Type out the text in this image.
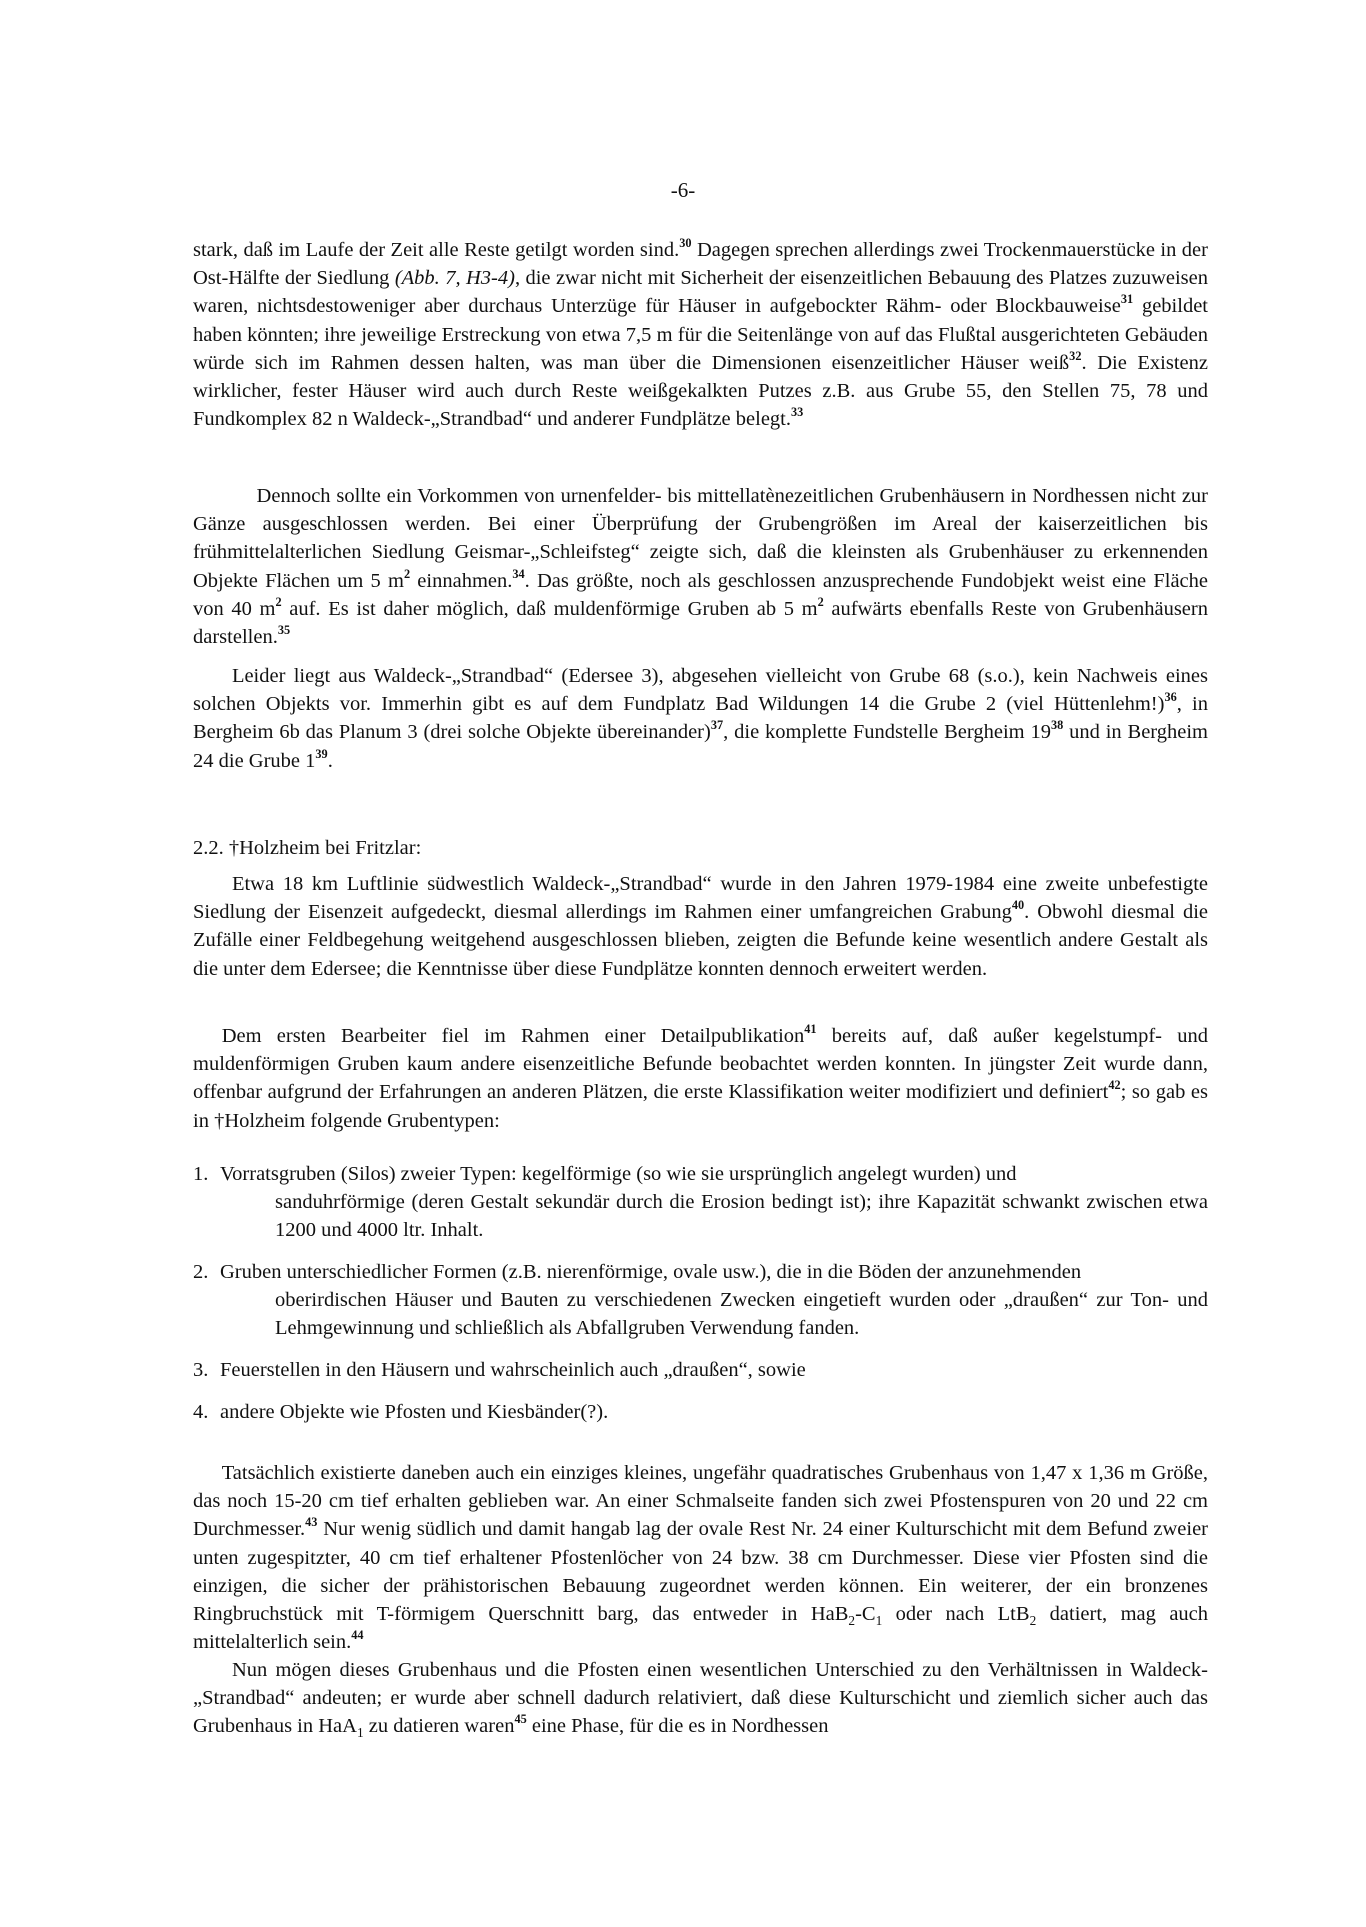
-6-

stark, daß im Laufe der Zeit alle Reste getilgt worden sind.$^{30}$ Dagegen sprechen allerdings zwei Trockenmauerstücke in der Ost-Hälfte der Siedlung (Abb. 7, H3-4), die zwar nicht mit Sicherheit der eisenzeitlichen Bebauung des Platzes zuzuweisen waren, nichtsdestoweniger aber durchaus Unterzüge für Häuser in aufgebockter Rähm- oder Blockbauweise$^{31}$ gebildet haben könnten; ihre jeweilige Erstreckung von etwa 7,5 m für die Seitenlänge von auf das Flußtal ausgerichteten Gebäuden würde sich im Rahmen dessen halten, was man über die Dimensionen eisenzeitlicher Häuser weiß$^{32}$. Die Existenz wirklicher, fester Häuser wird auch durch Reste weißgekalkten Putzes z.B. aus Grube 55, den Stellen 75, 78 und Fundkomplex 82 n Waldeck-„Strandbad“ und anderer Fundplätze belegt.$^{33}$

Dennoch sollte ein Vorkommen von urnenfelder- bis mittellatènezeitlichen Grubenhäusern in Nordhessen nicht zur Gänze ausgeschlossen werden. Bei einer Überprüfung der Grubengrößen im Areal der kaiserzeitlichen bis frühmittelalterlichen Siedlung Geismar-„Schleifsteg“ zeigte sich, daß die kleinsten als Grubenhäuser zu erkennenden Objekte Flächen um 5 $m^2$ einnahmen.$^{34}$. Das größte, noch als geschlossen anzusprechende Fundobjekt weist eine Fläche von 40 $m^2$ auf. Es ist daher möglich, daß muldenförmige Gruben ab 5 $m^2$ aufwärts ebenfalls Reste von Grubenhäusern darstellen.$^{35}$

Leider liegt aus Waldeck-„Strandbad“ (Edersee 3), abgesehen vielleicht von Grube 68 (s.o.), kein Nachweis eines solchen Objekts vor. Immerhin gibt es auf dem Fundplatz Bad Wildungen 14 die Grube 2 (viel Hüttenlehm!)$^{36}$, in Bergheim 6b das Planum 3 (drei solche Objekte übereinander)$^{37}$, die komplette Fundstelle Bergheim $19^{38}$ und in Bergheim 24 die Grube $1^{39}$.

2.2. †Holzheim bei Fritzlar:

Etwa 18 km Luftlinie südwestlich Waldeck-„Strandbad“ wurde in den Jahren 1979-1984 eine zweite unbefestigte Siedlung der Eisenzeit aufgedeckt, diesmal allerdings im Rahmen einer umfangreichen Grabung$^{40}$. Obwohl diesmal die Zufälle einer Feldbegehung weitgehend ausgeschlossen blieben, zeigten die Befunde keine wesentlich andere Gestalt als die unter dem Edersee; die Kenntnisse über diese Fundplätze konnten dennoch erweitert werden.

Dem ersten Bearbeiter fiel im Rahmen einer Detailpublikation$^{41}$ bereits auf, daß außer kegelstumpf- und muldenförmigen Gruben kaum andere eisenzeitliche Befunde beobachtet werden konnten. In jüngster Zeit wurde dann, offenbar aufgrund der Erfahrungen an anderen Plätzen, die erste Klassifikation weiter modifiziert und definiert$^{42}$; so gab es in †Holzheim folgende Grubentypen:

1. Vorratsgruben (Silos) zweier Typen: kegelförmige (so wie sie ursprünglich angelegt wurden) und
sanduhrförmige (deren Gestalt sekundär durch die Erosion bedingt ist); ihre Kapazität schwankt zwischen etwa 1200 und 4000 ltr. Inhalt.
2. Gruben unterschiedlicher Formen (z.B. nierenförmige, ovale usw.), die in die Böden der anzunehmenden
oberirdischen Häuser und Bauten zu verschiedenen Zwecken eingetieft wurden oder „draußen“ zur Ton- und Lehmgewinnung und schließlich als Abfallgruben Verwendung fanden.
3. Feuerstellen in den Häusern und wahrscheinlich auch „draußen“, sowie
4. andere Objekte wie Pfosten und Kiesbänder(?).

Tatsächlich existierte daneben auch ein einziges kleines, ungefähr quadratisches Grubenhaus von 1,47 x 1,36 m Größe, das noch 15-20 cm tief erhalten geblieben war. An einer Schmalseite fanden sich zwei Pfostenspuren von 20 und 22 cm Durchmesser.$^{43}$ Nur wenig südlich und damit hangab lag der ovale Rest Nr. 24 einer Kulturschicht mit dem Befund zweier unten zugespitzter, 40 cm tief erhaltener Pfostenlöcher von 24 bzw. 38 cm Durchmesser. Diese vier Pfosten sind die einzigen, die sicher der prähistorischen Bebauung zugeordnet werden können. Ein weiterer, der ein bronzenes Ringbruchstück mit T-förmigem Querschnitt barg, das entweder in $HaB_2-C_1$ oder nach LtB$_2$ datiert, mag auch mittelalterlich sein.$^{44}$

Nun mögen dieses Grubenhaus und die Pfosten einen wesentlichen Unterschied zu den Verhältnissen in Waldeck-„Strandbad“ andeuten; er wurde aber schnell dadurch relativiert, daß diese Kulturschicht und ziemlich sicher auch das Grubenhaus in HaA$_1$ zu datieren waren$^{45}$ eine Phase, für die es in Nordhessen
